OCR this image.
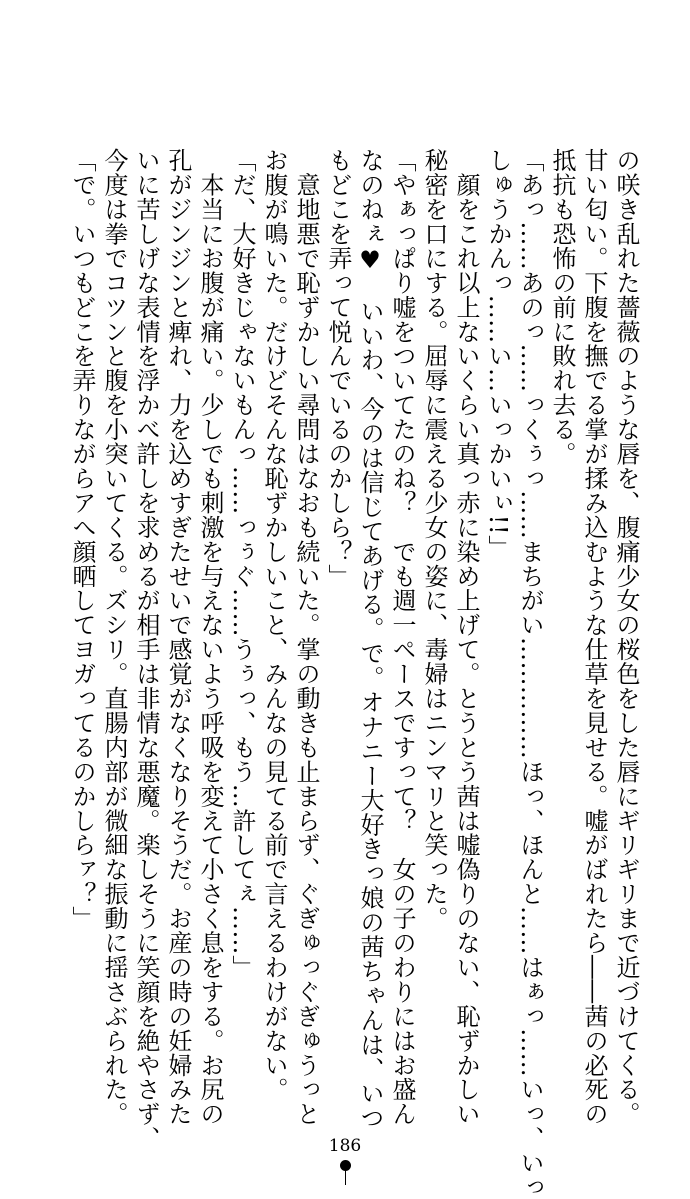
の咲き乱れた薔薇のような唇を、腹痛少女の桜色をした唇にギリギリまで近づけてくる。

甘い匂い。下腹を撫でる掌が揉み込むような仕草を見せる。嘘がばれたら――茜の必死の

抵抗も恐怖の前に敗れ去る。

「あっ……あのっ……っくぅっ……まちがい……………ほっ、ほんと……はぁっ……いっ、いっ

しゅうかんっ……い…いっかいぃ!!」

　顔をこれ以上ないくらい真っ赤に染め上げて。とうとう茜は嘘偽りのない、恥ずかしい

秘密を口にする。屈辱に震える少女の姿に、毒婦はニンマリと笑った。

「やぁっぱり嘘をついてたのね？　でも週一ペースですって？　女の子のわりにはお盛ん

なのねぇ♥　いいわ、今のは信じてあげる。で。オナニー大好きっ娘の茜ちゃんは、いつ

もどこを弄って悦んでいるのかしら？」

　意地悪で恥ずかしい尋問はなおも続いた。掌の動きも止まらず、ぐぎゅっぐぎゅうっと

お腹が鳴いた。だけどそんな恥ずかしいこと、みんなの見てる前で言えるわけがない。

「だ、大好きじゃないもんっ……っぅぐ……うぅっ、もう…許してぇ……」

　本当にお腹が痛い。少しでも刺激を与えないよう呼吸を変えて小さく息をする。お尻の

孔がジンジンと痺れ、力を込めすぎたせいで感覚がなくなりそうだ。お産の時の妊婦みた

いに苦しげな表情を浮かべ許しを求めるが相手は非情な悪魔。楽しそうに笑顔を絶やさず、

今度は拳でコツンと腹を小突いてくる。ズシリ。直腸内部が微細な振動に揺さぶられた。

「で。いつもどこを弄りながらアへ顔晒してヨガってるのかしらァ？」

186
